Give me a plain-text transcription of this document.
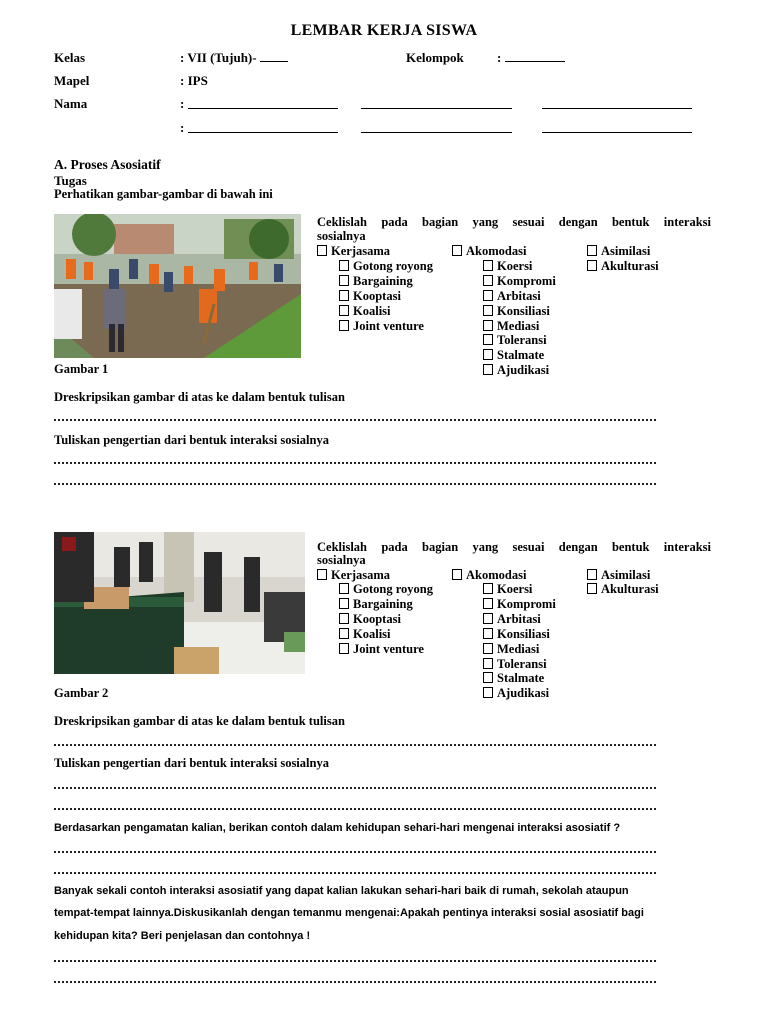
LEMBAR KERJA SISWA
Kelas	: VII (Tujuh)-	Kelompok	:
Mapel	: IPS
Nama	:
:
A. Proses Asosiatif
Tugas
Perhatikan gambar-gambar di bawah ini
Gambar 1
Ceklislah pada bagian yang sesuai dengan bentuk interaksi
sosialnya
Kerjasama
Gotong royong
Bargaining
Kooptasi
Koalisi
Joint venture
Akomodasi
Koersi
Kompromi
Arbitasi
Konsiliasi
Mediasi
Toleransi
Stalmate
Ajudikasi
Asimilasi
Akulturasi
Dreskripsikan gambar di atas ke dalam bentuk tulisan
Tuliskan pengertian dari bentuk interaksi sosialnya
Gambar 2
Ceklislah pada bagian yang sesuai dengan bentuk interaksi
sosialnya
Kerjasama
Gotong royong
Bargaining
Kooptasi
Koalisi
Joint venture
Akomodasi
Koersi
Kompromi
Arbitasi
Konsiliasi
Mediasi
Toleransi
Stalmate
Ajudikasi
Asimilasi
Akulturasi
Dreskripsikan gambar di atas ke dalam bentuk tulisan
Tuliskan pengertian dari bentuk interaksi sosialnya
Berdasarkan pengamatan kalian, berikan contoh dalam kehidupan sehari-hari mengenai interaksi asosiatif ?
Banyak sekali contoh interaksi asosiatif yang dapat kalian lakukan sehari-hari baik di rumah, sekolah ataupun
tempat-tempat lainnya.Diskusikanlah dengan temanmu mengenai:Apakah pentinya interaksi sosial asosiatif bagi
kehidupan kita? Beri penjelasan dan contohnya !
